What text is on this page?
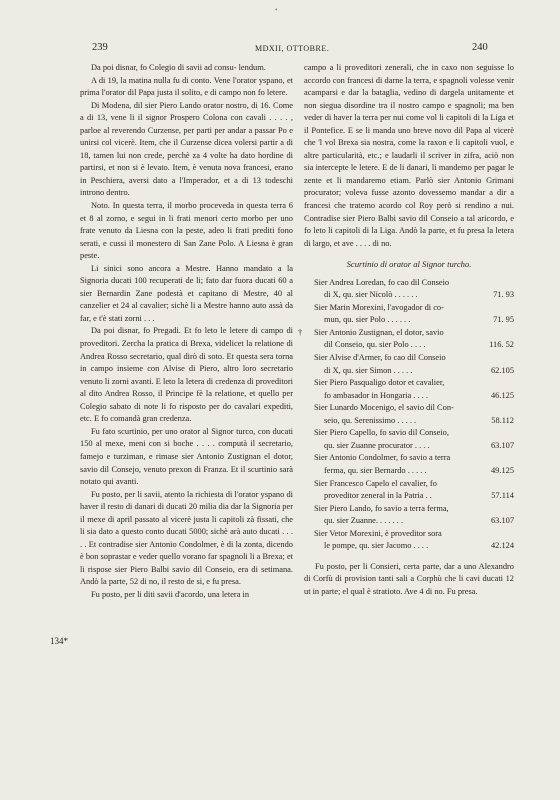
•
239	MDXII, OTTOBRE.	240
134*

Da poi disnar, fo Colegio di savii ad consu- lendum.

A di 19, la matina nulla fu di conto. Vene l'orator yspano, et prima l'orator dil Papa justa il solito, e di campo non fo letere.

Di Modena, dil sier Piero Lando orator nostro, di 16. Come a di 13, vene li il signor Prospero Colona con cavali . . . . , parloe al reverendo Curzense, per parti per andar a passar Po e unirsi col vicerè. Item, che il Curzense dicea volersi partir a di 18, tamen lui non crede, perchè za 4 volte ha dato hordine di partirsi, et non si è levato. Item, è venuta nova francesi, erano in Peschiera, aversi dato a l'Imperador, et a di 13 todeschi introno dentro.

Noto. In questa terra, il morbo proceveda in questa terra 6 et 8 al zorno, e segui in li frati menori certo morbo per uno frate venuto da Liesna con la peste, adeo li frati prediti fono serati, e cussi il monestero di San Zane Polo. A Liesna è gran peste.

Li sinici sono ancora a Mestre. Hanno mandato a la Signoria ducati 100 recuperati de li; fato dar fuora ducati 60 a sier Bernardin Zane podestà et capitano di Mestre, 40 al canzelier et 24 al cavalier; sichè li a Mestre hanno auto assà da far, e t'è stati zorni . . .

Da poi disnar, fo Pregadi. Et fo leto le letere di campo di proveditori. Zercha la pratica di Brexa, videlicet la relatione di Andrea Rosso secretario, qual dirò di soto. Et questa sera torna in campo insieme con Alvise di Piero, altro loro secretario venuto li zorni avanti. E leto la letera di credenza di proveditori al dito Andrea Rosso, il Principe fè la relatione, et quello per Colegio sabato di note li fo risposto per do cavalari expediti, etc. E fo comandà gran credenza.

Fu fato scurtinio, per uno orator al Signor turco, con ducati 150 al mexe, meni con si boche . . . . computà il secretario, famejo e turziman, e rimase sier Antonio Zustignan el dotor, savio dil Consejo, venuto prexon di Franza. Et il scurtinio sarà notato qui avanti.

Fu posto, per li savii, atento la richiesta di l'orator yspano di haver il resto di danari di ducati 20 milia dia dar la Signoria per il mexe di april passato al vicerè justa li capitoli zà fissati, che li sia dato a questo conto ducati 5000; sichè arà auto ducati . . . . . Et contradise sier Antonio Condolmer, è di la zonta, dicendo è bon soprastar e veder quello vorano far spagnoli li a Brexa; et li rispose sier Piero Balbi savio dil Conseio, era di setimana. Andò la parte, 52 di no, il resto de si, e fu presa.

Fu posto, per li diti savii d'acordo, una letera in

campo a li proveditori zenerali, che in caxo non seguisse lo accordo con francesi di darne la terra, e spagnoli volesse venir acamparsi e dar la bataglia, vedino di dargela unitamente et non siegua disordine tra il nostro campo e spagnoli; ma ben veder di haver la terra per nui come vol li capitoli di la Liga et il Pontefice. E se li manda uno breve novo dil Papa al vicerè che 'l vol Brexa sia nostra, come la raxon e li capitoli vuol, e altre particularità, etc.; e laudarli il scriver in zifra, aciò non sia intercepte le letere. E de li danari, li mandemo per pagar le zente et li mandaremo etiam. Parlò sier Antonio Grimani procurator; voleva fusse azonto dovessemo mandar a dir a francesi che tratemo acordo col Roy però si rendino a nui. Contradise sier Piero Balbi savio dil Conseio a tal aricordo, e fo leto li capitoli di la Liga. Andò la parte, et fu presa la letera di largo, et ave . . . . di no.

Scurtinio di orator al Signor turcho.
Sier Andrea Loredan, fo cao dil Conseio
di X, qu. sier Nicolò . . . . . .	71. 93
Sier Marin Morexini, l'avogador di co-
mun, qu. sier Polo . . . . . .	71. 95
† Sier Antonio Zustignan, el dotor, savio
dil Conseio, qu. sier Polo . . . .	116. 52
Sier Alvise d'Armer, fo cao dil Conseio
di X, qu. sier Simon . . . . .	62.105
Sier Piero Pasqualigo dotor et cavalier,
fo ambasador in Hongaria . . . .	46.125
Sier Lunardo Mocenigo, el savio dil Con-
seio, qu. Serenissimo . . . . .	58.112
Sier Piero Capello, fo savio dil Conseio,
qu. sier Zuanne procurator . . . .	63.107
Sier Antonio Condolmer, fo savio a terra
ferma, qu. sier Bernardo . . . . .	49.125
Sier Francesco Capelo el cavalier, fo
proveditor zeneral in la Patria . .	57.114
Sier Piero Lando, fo savio a terra ferma,
qu. sier Zuanne. . . . . . .	63.107
Sier Vetor Morexini, è proveditor sora
le pompe, qu. sier Jacomo . . . .	42.124

Fu posto, per li Consieri, certa parte, dar a uno Alexandro di Corfù di provision tanti sali a Corphù che li cavi ducati 12 ut in parte; el qual è stratioto. Ave 4 di no. Fu presa.
